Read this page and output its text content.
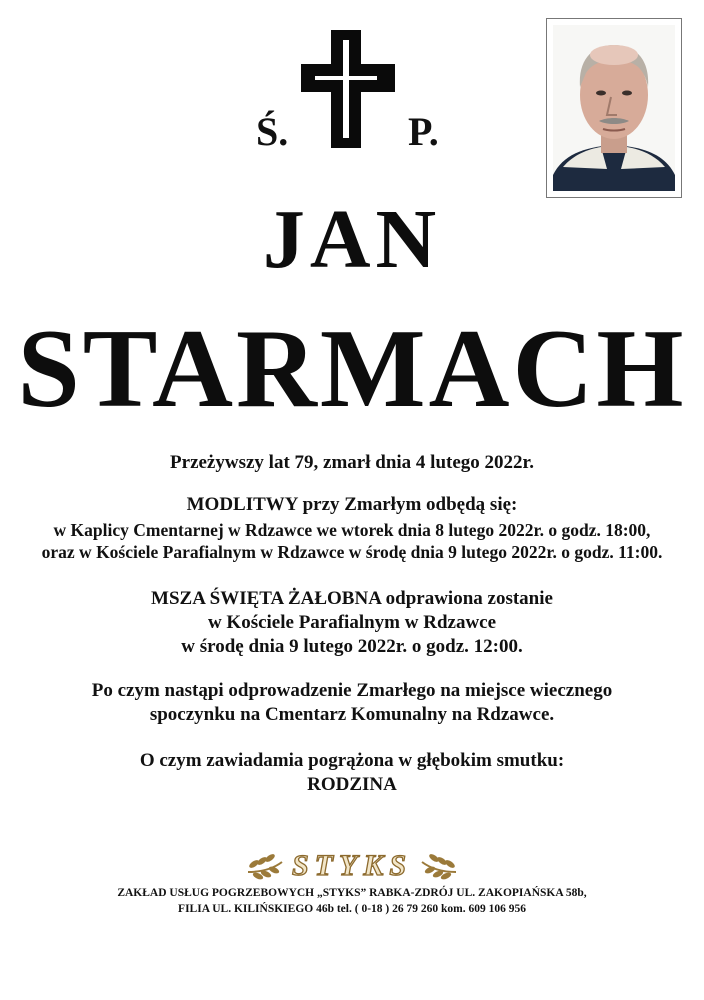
Ś.	P.
JAN
STARMACH
Przeżywszy lat 79, zmarł dnia 4 lutego 2022r.
MODLITWY przy Zmarłym odbędą się:
w Kaplicy Cmentarnej w Rdzawce we wtorek dnia 8 lutego 2022r. o godz. 18:00,
oraz w Kościele Parafialnym w Rdzawce w środę dnia 9 lutego 2022r. o godz. 11:00.
MSZA ŚWIĘTA ŻAŁOBNA odprawiona zostanie
w Kościele Parafialnym w Rdzawce
w środę dnia 9 lutego 2022r. o godz. 12:00.
Po czym nastąpi odprowadzenie Zmarłego na miejsce wiecznego
spoczynku na Cmentarz Komunalny na Rdzawce.
O czym zawiadamia pogrążona w głębokim smutku:
RODZINA
STYKS
ZAKŁAD USŁUG POGRZEBOWYCH „STYKS” RABKA-ZDRÓJ UL. ZAKOPIAŃSKA 58b,
FILIA UL. KILIŃSKIEGO 46b tel. ( 0-18 ) 26 79 260 kom. 609 106 956
